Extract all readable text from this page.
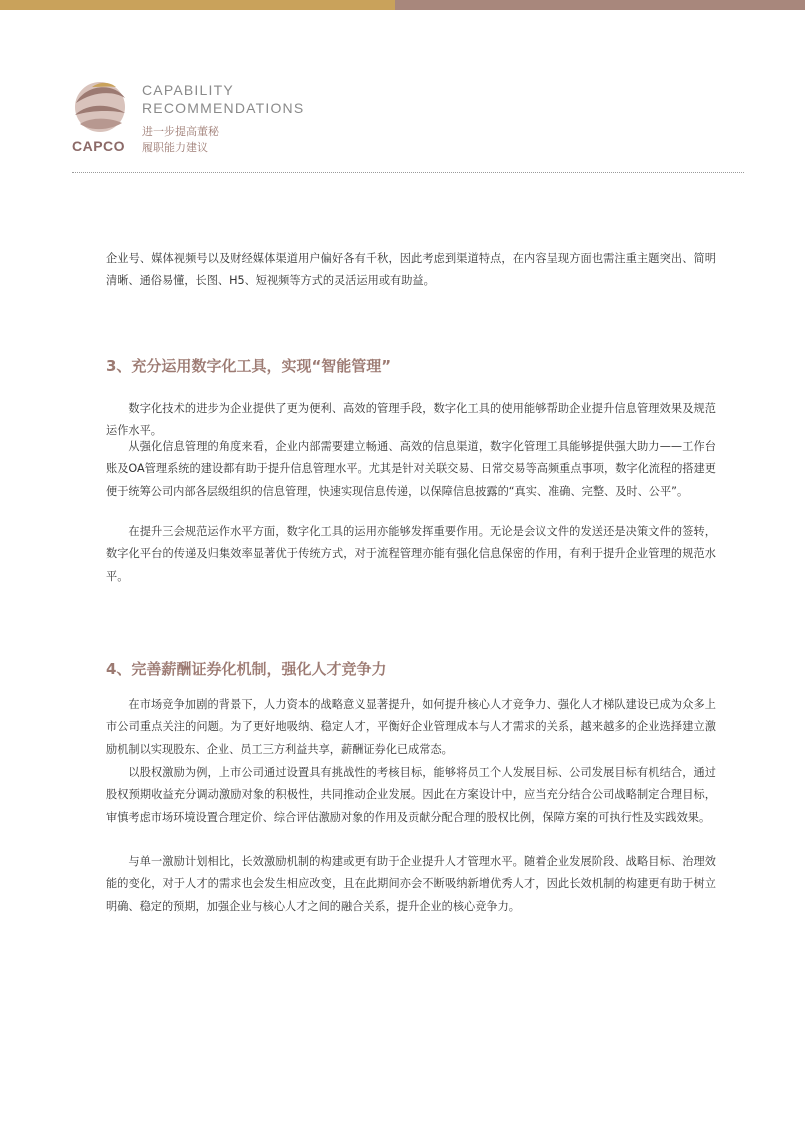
CAPCO
CAPABILITY
RECOMMENDATIONS
进一步提高董秘
履职能力建议

企业号、媒体视频号以及财经媒体渠道用户偏好各有千秋，因此考虑到渠道特点，在内容呈现方面也需注重主题突出、简明清晰、通俗易懂，长图、H5、短视频等方式的灵活运用或有助益。

3、充分运用数字化工具，实现“智能管理”

数字化技术的进步为企业提供了更为便利、高效的管理手段，数字化工具的使用能够帮助企业提升信息管理效果及规范运作水平。

从强化信息管理的角度来看，企业内部需要建立畅通、高效的信息渠道，数字化管理工具能够提供强大助力——工作台账及OA管理系统的建设都有助于提升信息管理水平。尤其是针对关联交易、日常交易等高频重点事项，数字化流程的搭建更便于统筹公司内部各层级组织的信息管理，快速实现信息传递，以保障信息披露的“真实、准确、完整、及时、公平”。

在提升三会规范运作水平方面，数字化工具的运用亦能够发挥重要作用。无论是会议文件的发送还是决策文件的签转，数字化平台的传递及归集效率显著优于传统方式，对于流程管理亦能有强化信息保密的作用，有利于提升企业管理的规范水平。

4、完善薪酬证券化机制，强化人才竞争力

在市场竞争加剧的背景下，人力资本的战略意义显著提升，如何提升核心人才竞争力、强化人才梯队建设已成为众多上市公司重点关注的问题。为了更好地吸纳、稳定人才，平衡好企业管理成本与人才需求的关系，越来越多的企业选择建立激励机制以实现股东、企业、员工三方利益共享，薪酬证券化已成常态。

以股权激励为例，上市公司通过设置具有挑战性的考核目标，能够将员工个人发展目标、公司发展目标有机结合，通过股权预期收益充分调动激励对象的积极性，共同推动企业发展。因此在方案设计中，应当充分结合公司战略制定合理目标，审慎考虑市场环境设置合理定价、综合评估激励对象的作用及贡献分配合理的股权比例，保障方案的可执行性及实践效果。

与单一激励计划相比，长效激励机制的构建或更有助于企业提升人才管理水平。随着企业发展阶段、战略目标、治理效能的变化，对于人才的需求也会发生相应改变，且在此期间亦会不断吸纳新增优秀人才，因此长效机制的构建更有助于树立明确、稳定的预期，加强企业与核心人才之间的融合关系，提升企业的核心竞争力。
